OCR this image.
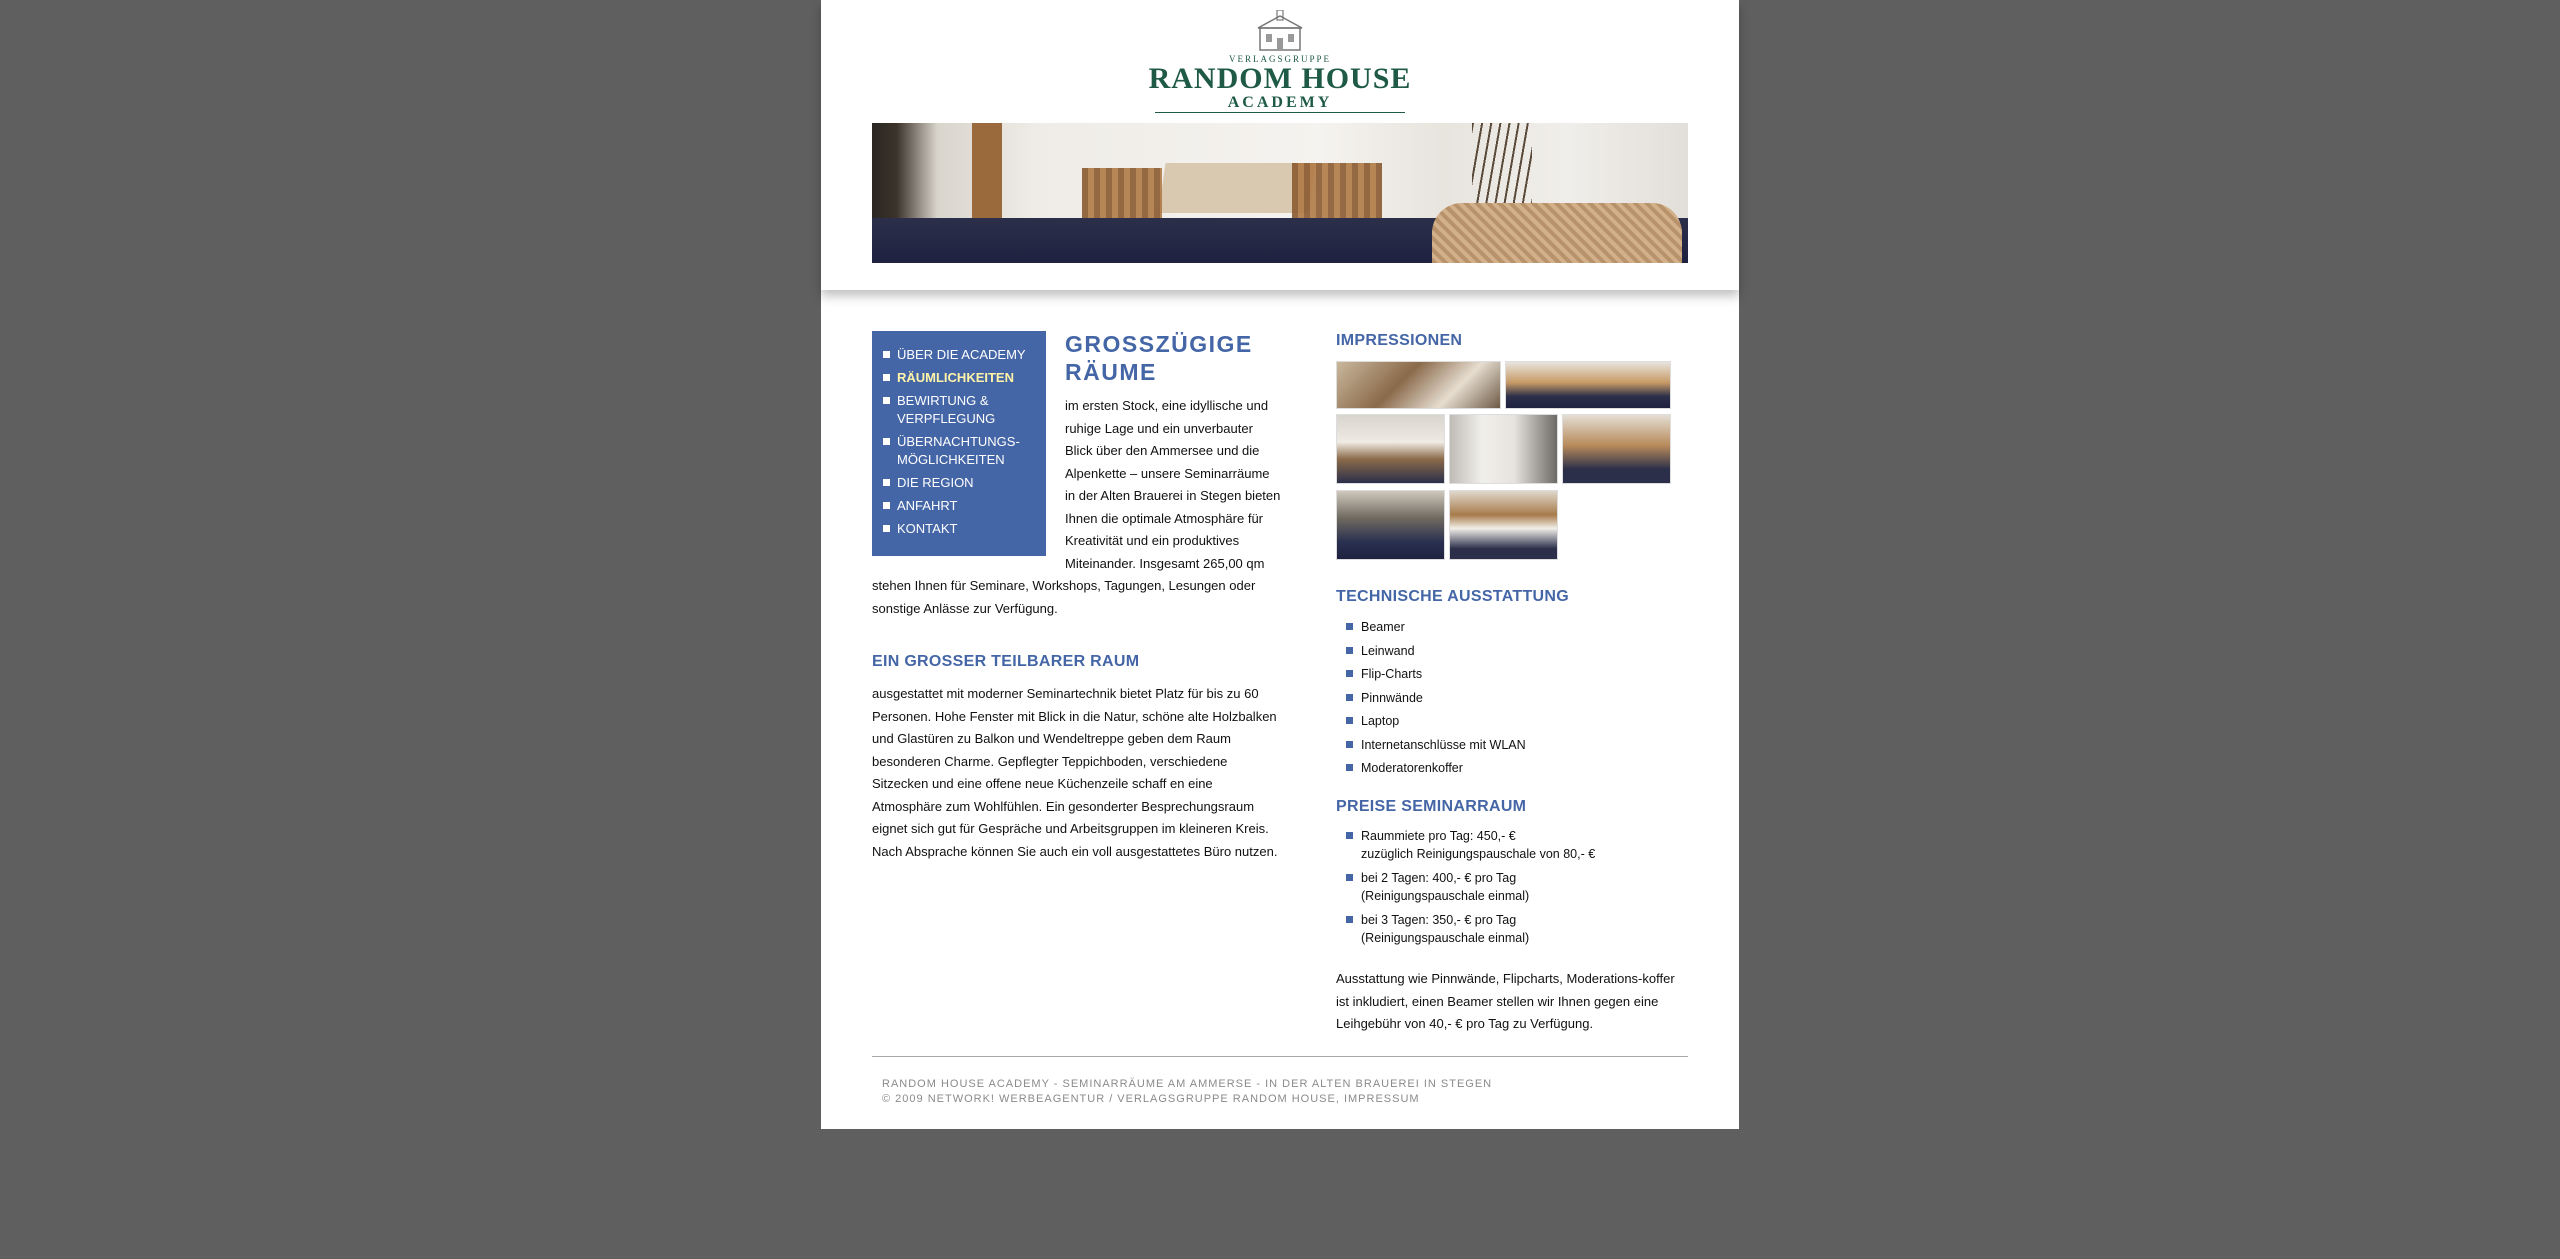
VERLAGSGRUPPE
RANDOM HOUSE
ACADEMY
ÜBER DIE ACADEMY
RÄUMLICHKEITEN
BEWIRTUNG & VERPFLEGUNG
ÜBERNACHTUNGS-MÖGLICHKEITEN
DIE REGION
ANFAHRT
KONTAKT
GROSSZÜGIGE RÄUME
im ersten Stock, eine idyllische und ruhige Lage und ein unverbauter Blick über den Ammersee und die Alpenkette – unsere Seminarräume in der Alten Brauerei in Stegen bieten Ihnen die optimale Atmosphäre für Kreativität und ein produktives Miteinander. Insgesamt 265,00 qm stehen Ihnen für Seminare, Workshops, Tagungen, Lesungen oder sonstige Anlässe zur Verfügung.
EIN GROSSER TEILBARER RAUM
ausgestattet mit moderner Seminartechnik bietet Platz für bis zu 60 Personen. Hohe Fenster mit Blick in die Natur, schöne alte Holzbalken und Glastüren zu Balkon und Wendeltreppe geben dem Raum besonderen Charme. Gepflegter Teppichboden, verschiedene Sitzecken und eine offene neue Küchenzeile schaff en eine Atmosphäre zum Wohlfühlen. Ein gesonderter Besprechungsraum eignet sich gut für Gespräche und Arbeitsgruppen im kleineren Kreis. Nach Absprache können Sie auch ein voll ausgestattetes Büro nutzen.
IMPRESSIONEN
TECHNISCHE AUSSTATTUNG
Beamer
Leinwand
Flip-Charts
Pinnwände
Laptop
Internetanschlüsse mit WLAN
Moderatorenkoffer
PREISE SEMINARRAUM
Raummiete pro Tag: 450,- €
zuzüglich Reinigungspauschale von 80,- €
bei 2 Tagen: 400,- € pro Tag
(Reinigungspauschale einmal)
bei 3 Tagen: 350,- € pro Tag
(Reinigungspauschale einmal)
Ausstattung wie Pinnwände, Flipcharts, Moderations-koffer ist inkludiert, einen Beamer stellen wir Ihnen gegen eine Leihgebühr von 40,- € pro Tag zu Verfügung.
RANDOM HOUSE ACADEMY - SEMINARRÄUME AM AMMERSE - IN DER ALTEN BRAUEREI IN STEGEN
© 2009 NETWORK! WERBEAGENTUR / VERLAGSGRUPPE RANDOM HOUSE, IMPRESSUM
